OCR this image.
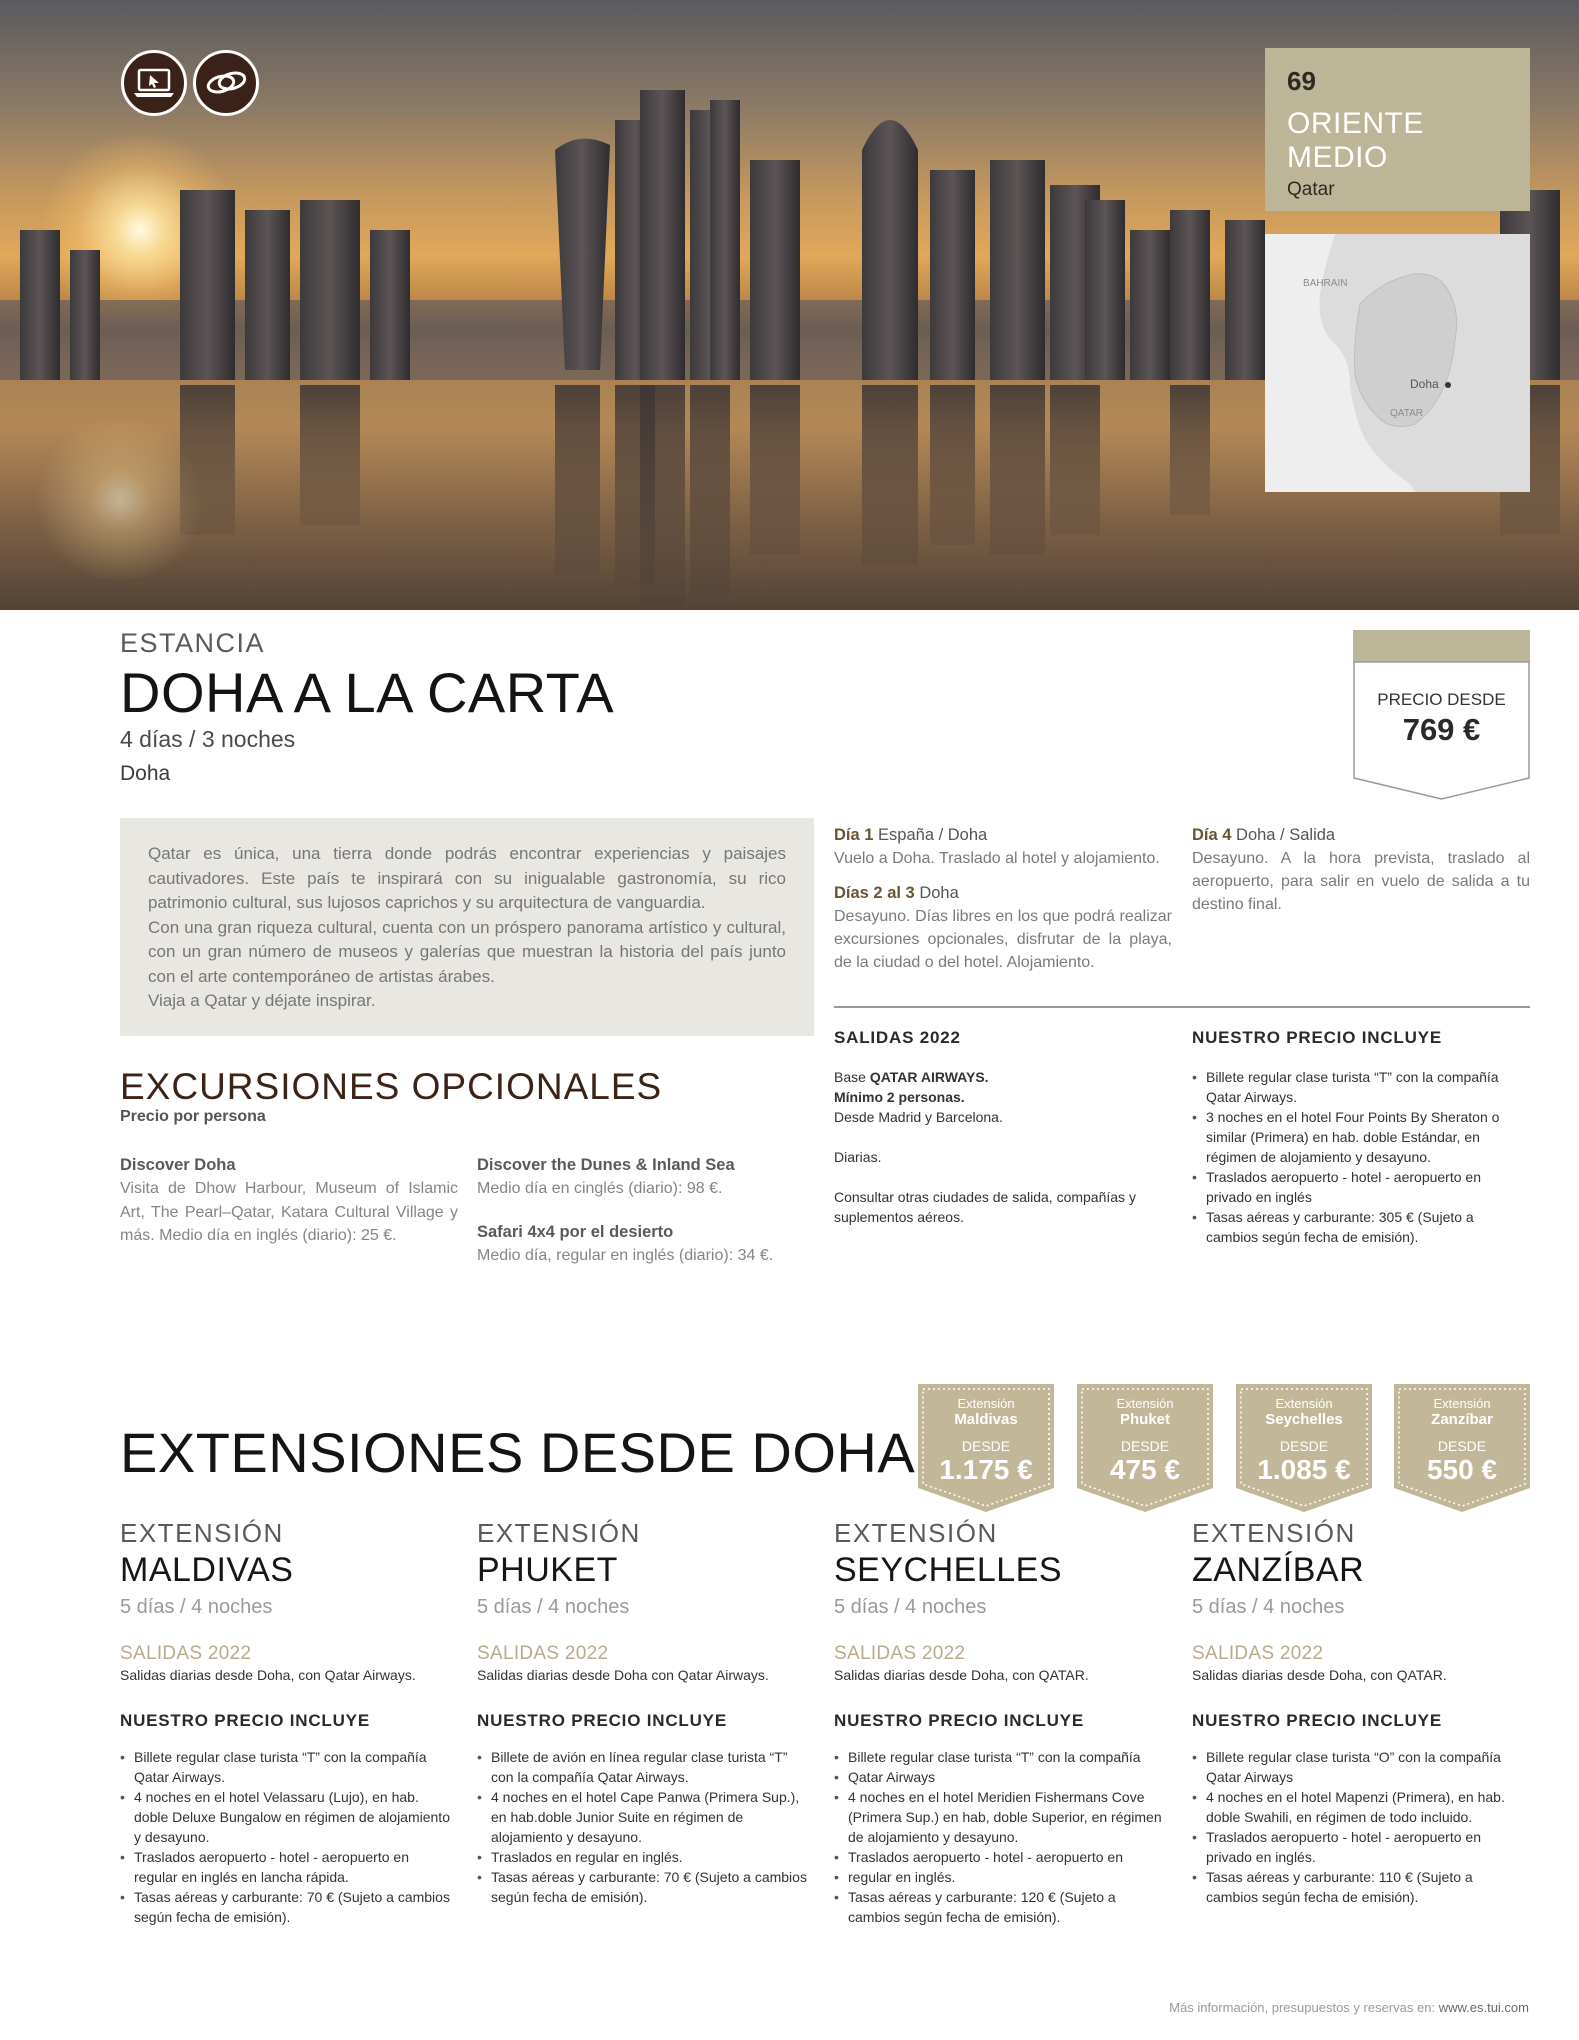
69
ORIENTE MEDIO
Qatar
BAHRAIN
Doha
QATAR
ESTANCIA
DOHA A LA CARTA
4 días / 3 noches
Doha
PRECIO DESDE
769 €

Qatar es única, una tierra donde podrás encontrar experiencias y paisajes cautivadores. Este país te inspirará con su inigualable gastronomía, su rico patrimonio cultural, sus lujosos caprichos y su arquitectura de vanguardia.

Con una gran riqueza cultural, cuenta con un próspero panorama artístico y cultural, con un gran número de museos y galerías que muestran la historia del país junto con el arte contemporáneo de artistas árabes.

Viaja a Qatar y déjate inspirar.

Día 1 España / Doha
Vuelo a Doha. Traslado al hotel y alojamiento.
Días 2 al 3 Doha
Desayuno. Días libres en los que podrá realizar excursiones opcionales, disfrutar de la playa, de la ciudad o del hotel. Alojamiento.
Día 4 Doha / Salida
Desayuno. A la hora prevista, traslado al aeropuerto, para salir en vuelo de salida a tu destino final.
SALIDAS 2022
Base QATAR AIRWAYS.
Mínimo 2 personas.
Desde Madrid y Barcelona.
Diarias.
Consultar otras ciudades de salida, compañías y suplementos aéreos.
NUESTRO PRECIO INCLUYE
• Billete regular clase turista “T” con la compañía Qatar Airways.
• 3 noches en el hotel Four Points By Sheraton o similar (Primera) en hab. doble Estándar, en régimen de alojamiento y desayuno.
• Traslados aeropuerto - hotel - aeropuerto en privado en inglés
• Tasas aéreas y carburante: 305 € (Sujeto a cambios según fecha de emisión).
EXCURSIONES OPCIONALES
Precio por persona
Discover Doha
Visita de Dhow Harbour, Museum of Islamic Art, The Pearl–Qatar, Katara Cultural Village y más. Medio día en inglés (diario): 25 €.
Discover the Dunes & Inland Sea
Medio día en cinglés (diario): 98 €.
Safari 4x4 por el desierto
Medio día, regular en inglés (diario): 34 €.
EXTENSIONES DESDE DOHA
Extensión
Maldivas
DESDE
1.175 €
Extensión
Phuket
DESDE
475 €
Extensión
Seychelles
DESDE
1.085 €
Extensión
Zanzíbar
DESDE
550 €
EXTENSIÓN
MALDIVAS
5 días / 4 noches
SALIDAS 2022
Salidas diarias desde Doha, con Qatar Airways.
NUESTRO PRECIO INCLUYE
• Billete regular clase turista “T” con la compañía Qatar Airways.
• 4 noches en el hotel Velassaru (Lujo), en hab. doble Deluxe Bungalow en régimen de alojamiento y desayuno.
• Traslados aeropuerto - hotel - aeropuerto en regular en inglés en lancha rápida.
• Tasas aéreas y carburante: 70 € (Sujeto a cambios según fecha de emisión).
EXTENSIÓN
PHUKET
5 días / 4 noches
SALIDAS 2022
Salidas diarias desde Doha con Qatar Airways.
NUESTRO PRECIO INCLUYE
• Billete de avión en línea regular clase turista “T” con la compañía Qatar Airways.
• 4 noches en el hotel Cape Panwa (Primera Sup.), en hab.doble Junior Suite en régimen de alojamiento y desayuno.
• Traslados en regular en inglés.
• Tasas aéreas y carburante: 70 € (Sujeto a cambios según fecha de emisión).
EXTENSIÓN
SEYCHELLES
5 días / 4 noches
SALIDAS 2022
Salidas diarias desde Doha, con QATAR.
NUESTRO PRECIO INCLUYE
• Billete regular clase turista “T” con la compañía
• Qatar Airways
• 4 noches en el hotel Meridien Fishermans Cove (Primera Sup.) en hab, doble Superior, en régimen de alojamiento y desayuno.
• Traslados aeropuerto - hotel - aeropuerto en
• regular en inglés.
• Tasas aéreas y carburante: 120 € (Sujeto a cambios según fecha de emisión).
EXTENSIÓN
ZANZÍBAR
5 días / 4 noches
SALIDAS 2022
Salidas diarias desde Doha, con QATAR.
NUESTRO PRECIO INCLUYE
• Billete regular clase turista “O” con la compañía Qatar Airways
• 4 noches en el hotel Mapenzi (Primera), en hab. doble Swahili, en régimen de todo incluido.
• Traslados aeropuerto - hotel - aeropuerto en privado en inglés.
• Tasas aéreas y carburante: 110 € (Sujeto a cambios según fecha de emisión).
Más información, presupuestos y reservas en: www.es.tui.com
